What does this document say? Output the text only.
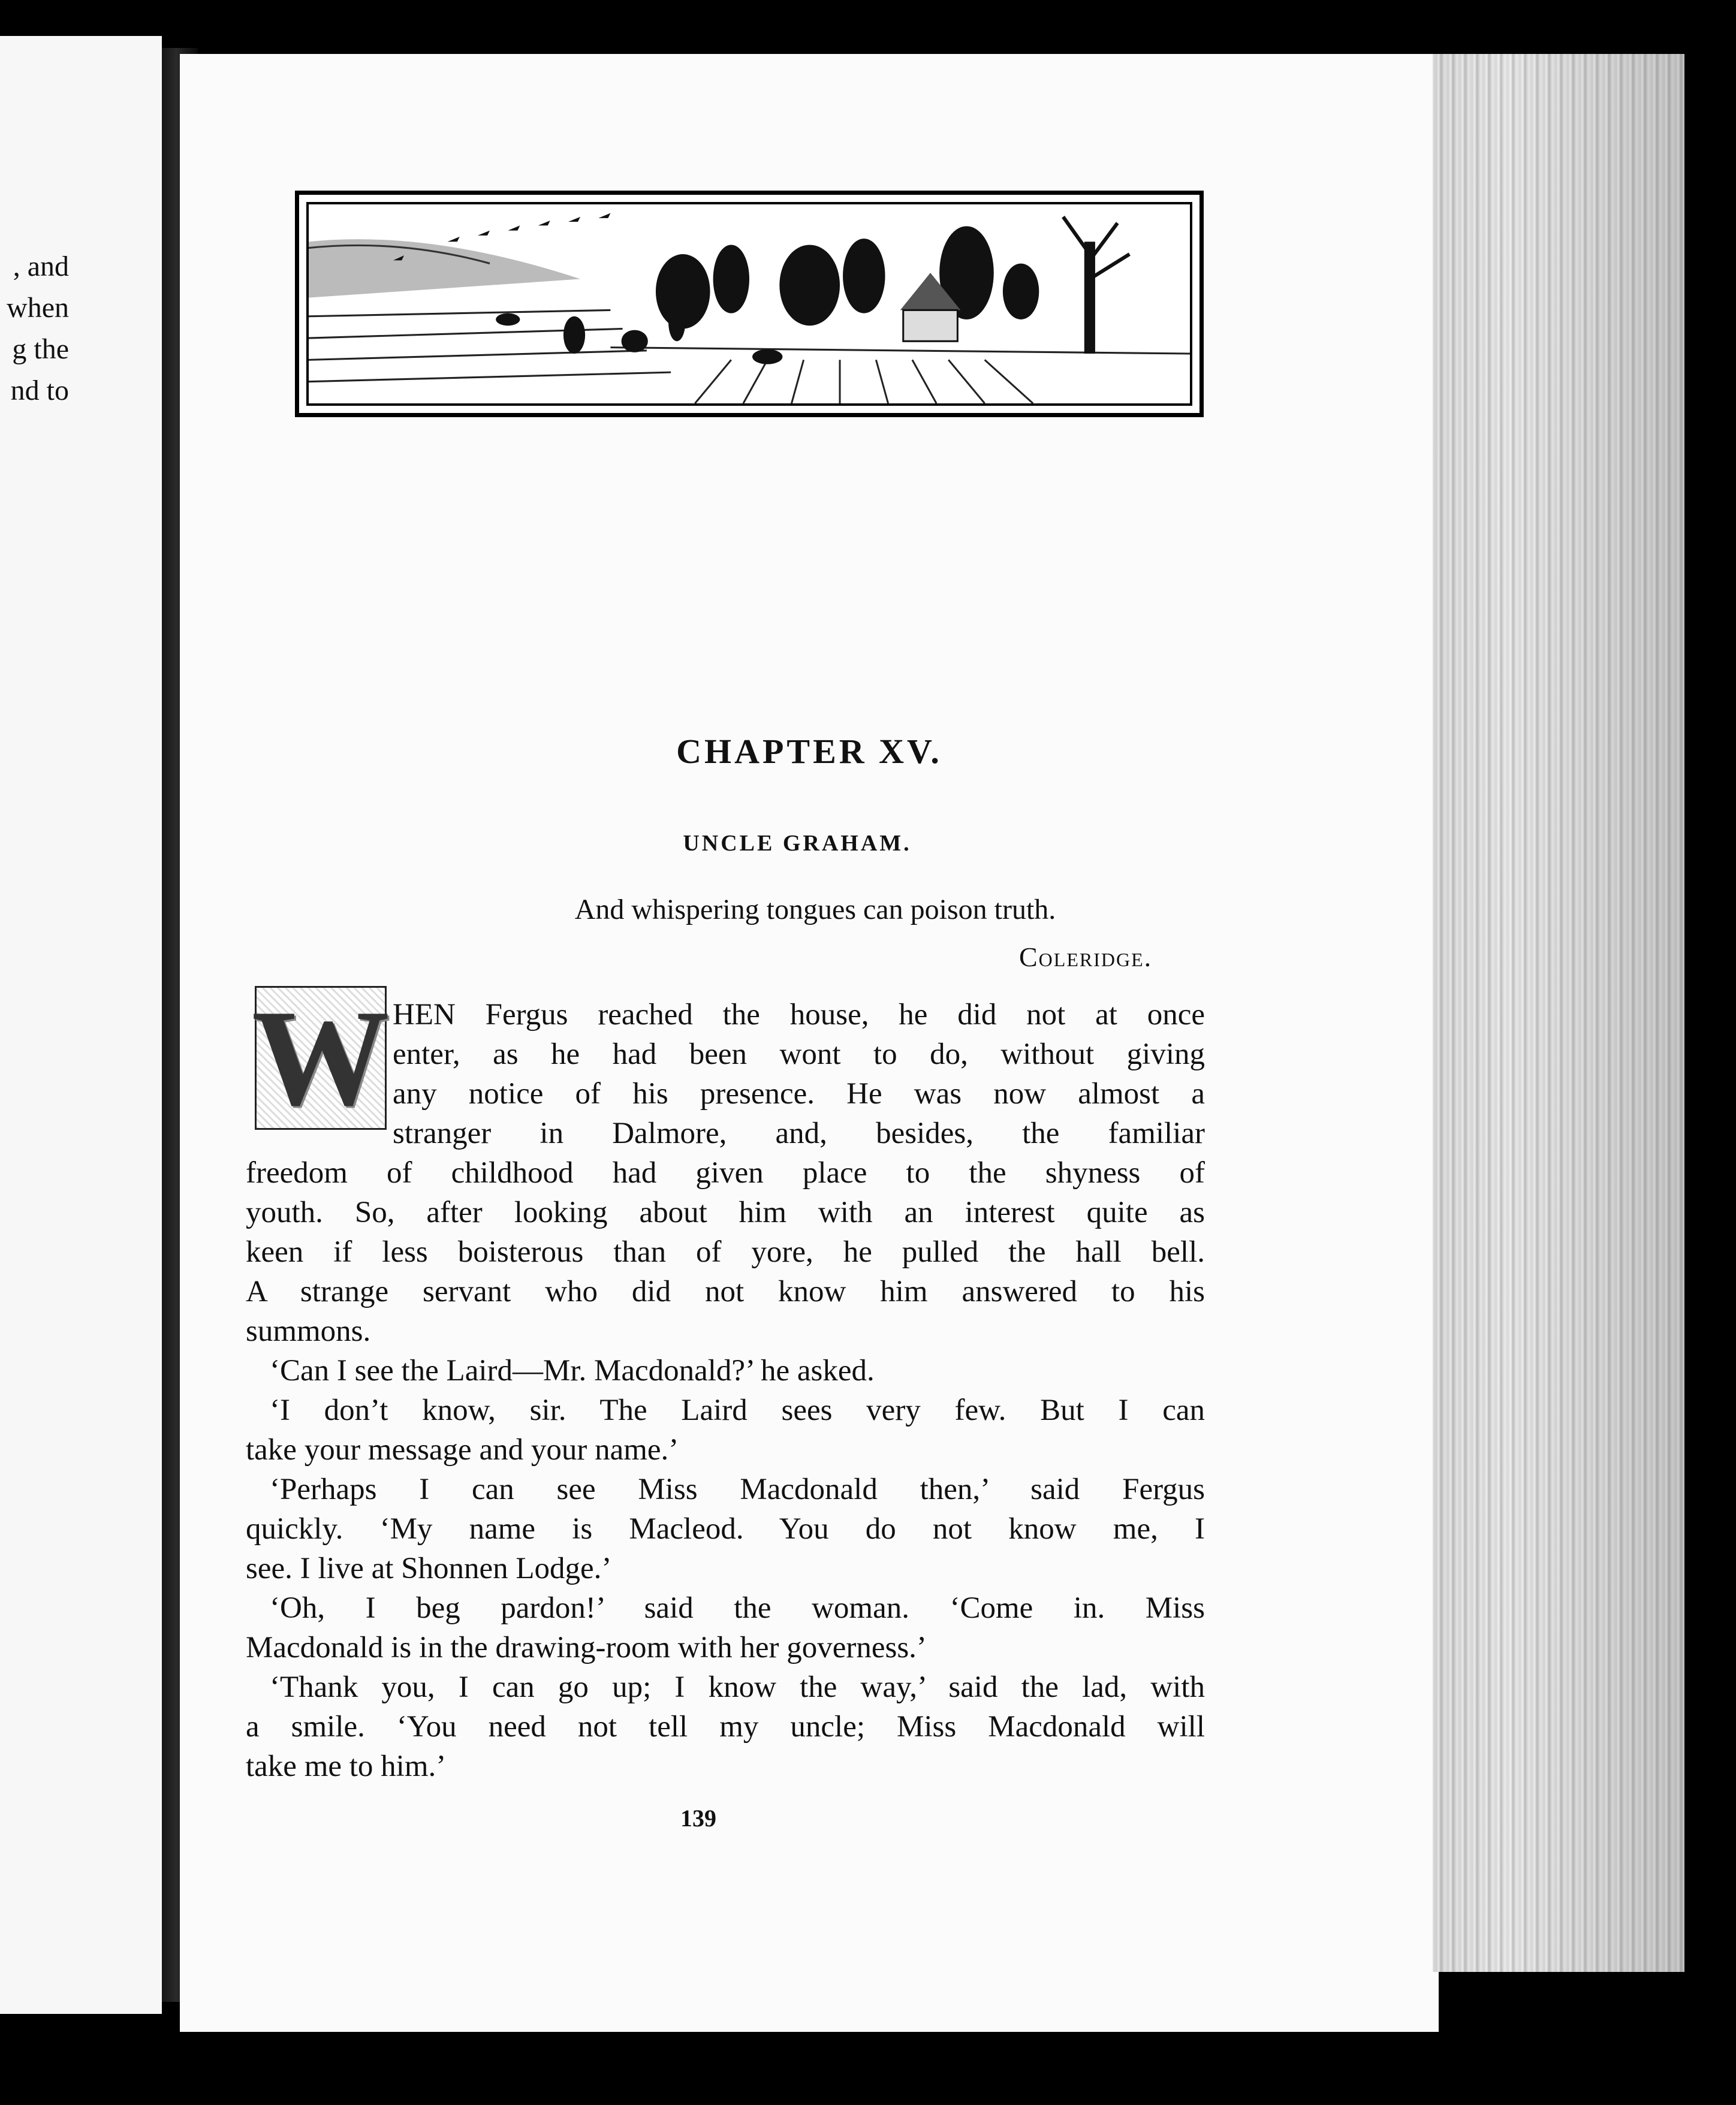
, and
when
g the
nd to
CHAPTER XV.
UNCLE GRAHAM.
And whispering tongues can poison truth.
Coleridge.
W HEN Fergus reached the house, he did not at once
enter, as he had been wont to do, without giving
any notice of his presence. He was now almost a
stranger in Dalmore, and, besides, the familiar
freedom of childhood had given place to the shyness of
youth. So, after looking about him with an interest quite as
keen if less boisterous than of yore, he pulled the hall bell.
A strange servant who did not know him answered to his
summons.
‘Can I see the Laird—Mr. Macdonald?’ he asked.
‘I don’t know, sir. The Laird sees very few. But I can
take your message and your name.’
‘Perhaps I can see Miss Macdonald then,’ said Fergus
quickly. ‘My name is Macleod. You do not know me, I
see. I live at Shonnen Lodge.’
‘Oh, I beg pardon!’ said the woman. ‘Come in. Miss
Macdonald is in the drawing-room with her governess.’
‘Thank you, I can go up; I know the way,’ said the lad, with
a smile. ‘You need not tell my uncle; Miss Macdonald will
take me to him.’
139
